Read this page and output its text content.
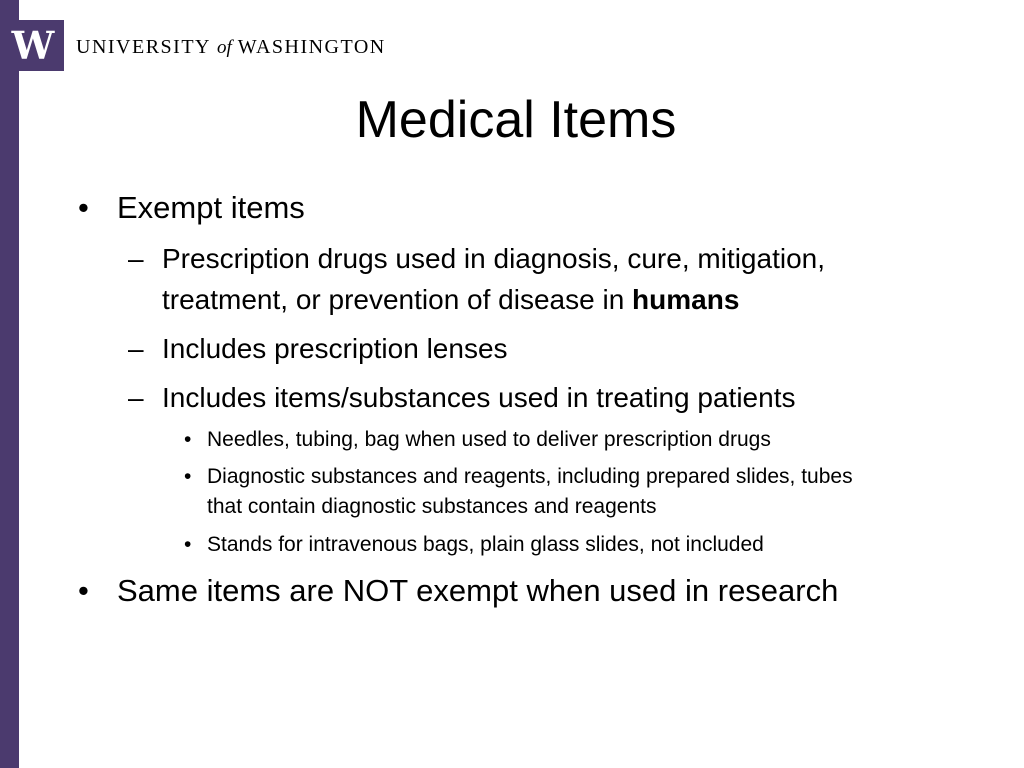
W UNIVERSITY of WASHINGTON
Medical Items
• Exempt items
– Prescription drugs used in diagnosis, cure, mitigation,
treatment, or prevention of disease in humans
– Includes prescription lenses
– Includes items/substances used in treating patients
• Needles, tubing, bag when used to deliver prescription drugs
• Diagnostic substances and reagents, including prepared slides, tubes
that contain diagnostic substances and reagents
• Stands for intravenous bags, plain glass slides, not included
• Same items are NOT exempt when used in research
